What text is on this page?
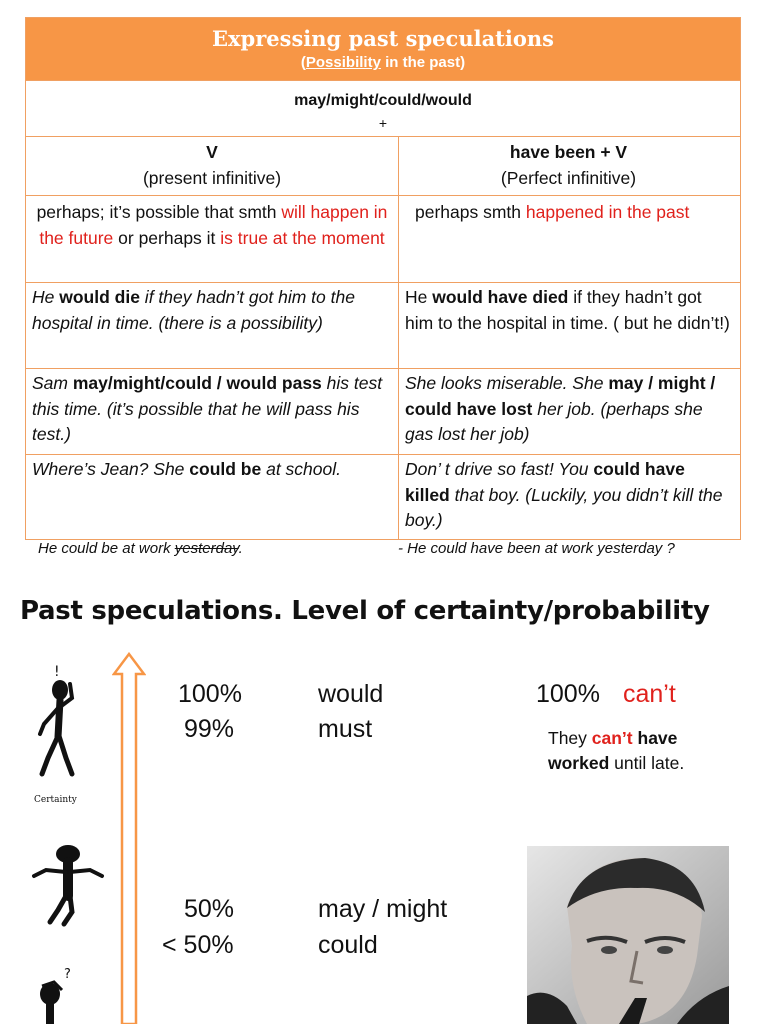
Expressing past speculations
(Possibility in the past)
may/might/could/would
+
V
(present infinitive)
have been + V
(Perfect infinitive)
perhaps; it’s possible that smth will happen in the future or perhaps it is true at the moment
perhaps smth happened in the past
He would die if they hadn’t got him to the hospital in time. (there is a possibility)
He would have died if they hadn’t got him to the hospital in time. ( but he didn’t!)
Sam may/might/could / would pass his test this time. (it’s possible that he will pass his test.)
She looks miserable. She may / might / could have lost her job. (perhaps she gas lost her job)
Where’s Jean? She could be at school.	Don’ t drive so fast! You could have killed that boy. (Luckily, you didn’t kill the boy.)
He could be at work yesterday.	- He could have been at work yesterday ?
Past speculations. Level of certainty/probability
!
Certainty
?
100%
99%
would
must
100% can’t
They can’t have
worked until late.
50%
< 50%
may / might
could
